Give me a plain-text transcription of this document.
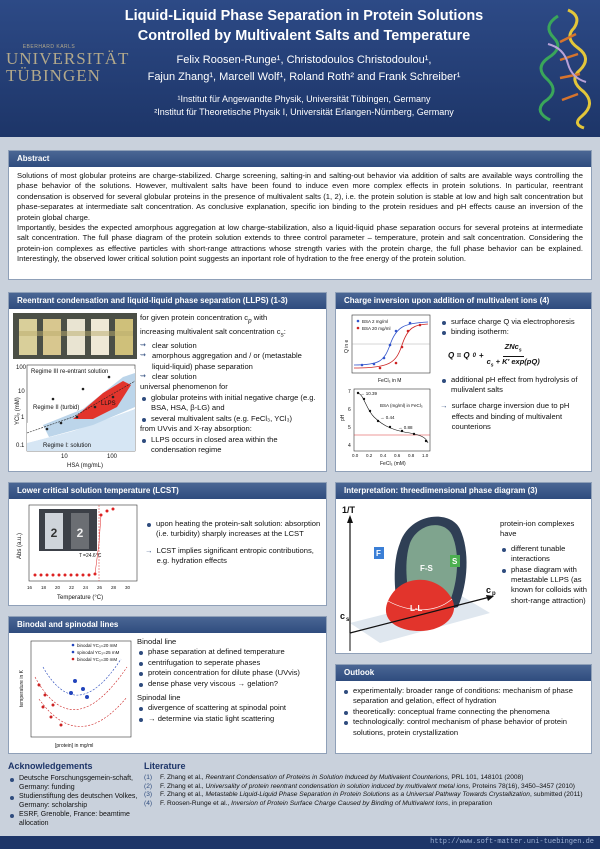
EBERHARD KARLS
UNIVERSITÄT
TÜBINGEN
Liquid-Liquid Phase Separation in Protein Solutions
Controlled by Multivalent Salts and Temperature
Felix Roosen-Runge¹, Christodoulos Christodoulou¹,
Fajun Zhang¹, Marcell Wolf¹, Roland Roth² and Frank Schreiber¹
¹Institut für Angewandte Physik, Universität Tübingen, Germany
²Institut für Theoretische Physik I, Universität Erlangen-Nürnberg, Germany
Abstract

Solutions of most globular proteins are charge-stabilized. Charge screening, salting-in and salting-out behavior via addition of salts are available ways controlling the phase behavior of the solutions. However, multivalent salts have been found to induce even more complex effects in protein solutions. In particular, reentrant condensation is observed for several globular proteins in the presence of multivalent salts (1, 2), i.e. the protein solution is stable at low and high salt concentration but phase-separates at intermediate salt concentration. As conclusive explanation, specific ion binding to the protein residues and pH effects cause an inversion of the protein global charge.

Importantly, besides the expected amorphous aggregation at low charge-stabilization, also a liquid-liquid phase separation occurs for several proteins at intermediate salt concentration. The full phase diagram of the protein solution extends to three control parameter – temperature, protein and salt concentration. Considering the protein-ion complexes as effective particles with short-range attractions whose strength varies with the protein charge, the full phase behavior can be explained. Interestingly, the observed lower critical solution point suggests an inportant role of hydration to the free energy of the protein solution.

Reentrant condensation and liquid-liquid phase separation (LLPS) (1-3)
Regime III re-entrant solution
Regime II (turbid)
Regime I: solution
LLPS
YCl₃ (mM)
HSA (mg/mL)
100
10
1
0.1
10	100
for given protein concentration $c_p$ with
increasing multivalent salt concentration $c_s$:
⇝ clear solution
⇝ amorphous aggregation and / or (metastable liquid-liquid) phase separation
⇝ clear solution
universal phenomenon for
globular proteins with initial negative charge (e.g. BSA, HSA, β-LG) and
several multivalent salts (e.g. FeCl₃, YCl₃)
from UVvis and X-ray absorption:
LLPS occurs in closed area within the condensation regime
Charge inversion upon addition of multivalent ions (4)
BSA 2 mg/ml
BSA 20 mg/ml
FeCl₃ in M
Q in e
→ 10.39
→ 0.44
→ 0.88
BSA (mg/ml) in FeCl₃
7
6
5
4
0.0 0.2 0.4 0.6 0.8 1.0
FeCl₃ (mM)
pH
surface charge Q via electrophoresis
binding isotherm:
Q = Q 0 +
ZNc$_s$
$c_s + K'$ exp(pQ)
additional pH effect from hydrolysis of mulivalent salts
→ surface charge inversion due to pH effects and binding of multivalent counterions
Lower critical solution temperature (LCST)
2 2
T =24.6°C
16 18 20 22 24 26 28 30
Temperature (°C)
Abs (a.u.)
upon heating the protein-salt solution: absorption (i.e. turbidity) sharply increases at the LCST
→ LCST implies significant entropic contributions, e.g. hydration effects
Interpretation: threedimensional phase diagram (3)
1/T
c p
c s
F
S
F-S
L-L
protein-ion complexes have
different tunable interactions
phase diagram with metastable LLPS (as known for colloids with short-range attraction)
Binodal and spinodal lines
binodal YC₃=20 mM
spinodal YC₃=25 mM
binodal YC₃=30 mM
[protein] in mg/ml
temperature in K
Binodal line
phase separation at defined temperature
centrifugation to seperate phases
protein concentration for dilute phase (UVvis)
dense phase very viscous → gelation?
Spinodal line
divergence of scattering at spinodal point
→ determine via static light scattering
Outlook
experimentally: broader range of conditions: mechanism of phase separation and gelation, effect of hydration
theoretically: conceptual frame connecting the phenomena
technologically: control mechanism of phase behavior of protein solutions, protein crystallization
Acknowledgements
Deutsche Forschungsgemein-schaft, Germany: funding
Studienstiftung des deutschen Volkes, Germany: scholarship
ESRF, Grenoble, France: beamtime allocation
Literature
(1)	F. Zhang et al., Reentrant Condensation of Proteins in Solution Induced by Multivalent Counterions, PRL 101, 148101 (2008)
(2)	F. Zhang et al., Universality of protein reentrant condensation in solution induced by multivalent metal ions, Proteins 78(16), 3450–3457 (2010)
(3)	F. Zhang et al., Metastable Liquid-Liquid Phase Separation in Protein Solutions as a Universal Pathway Towards Crystallization, submitted (2011)
(4)	F. Roosen-Runge et al., Inversion of Protein Surface Charge Caused by Binding of Multivalent Ions, in preparation
http://www.soft-matter.uni-tuebingen.de
